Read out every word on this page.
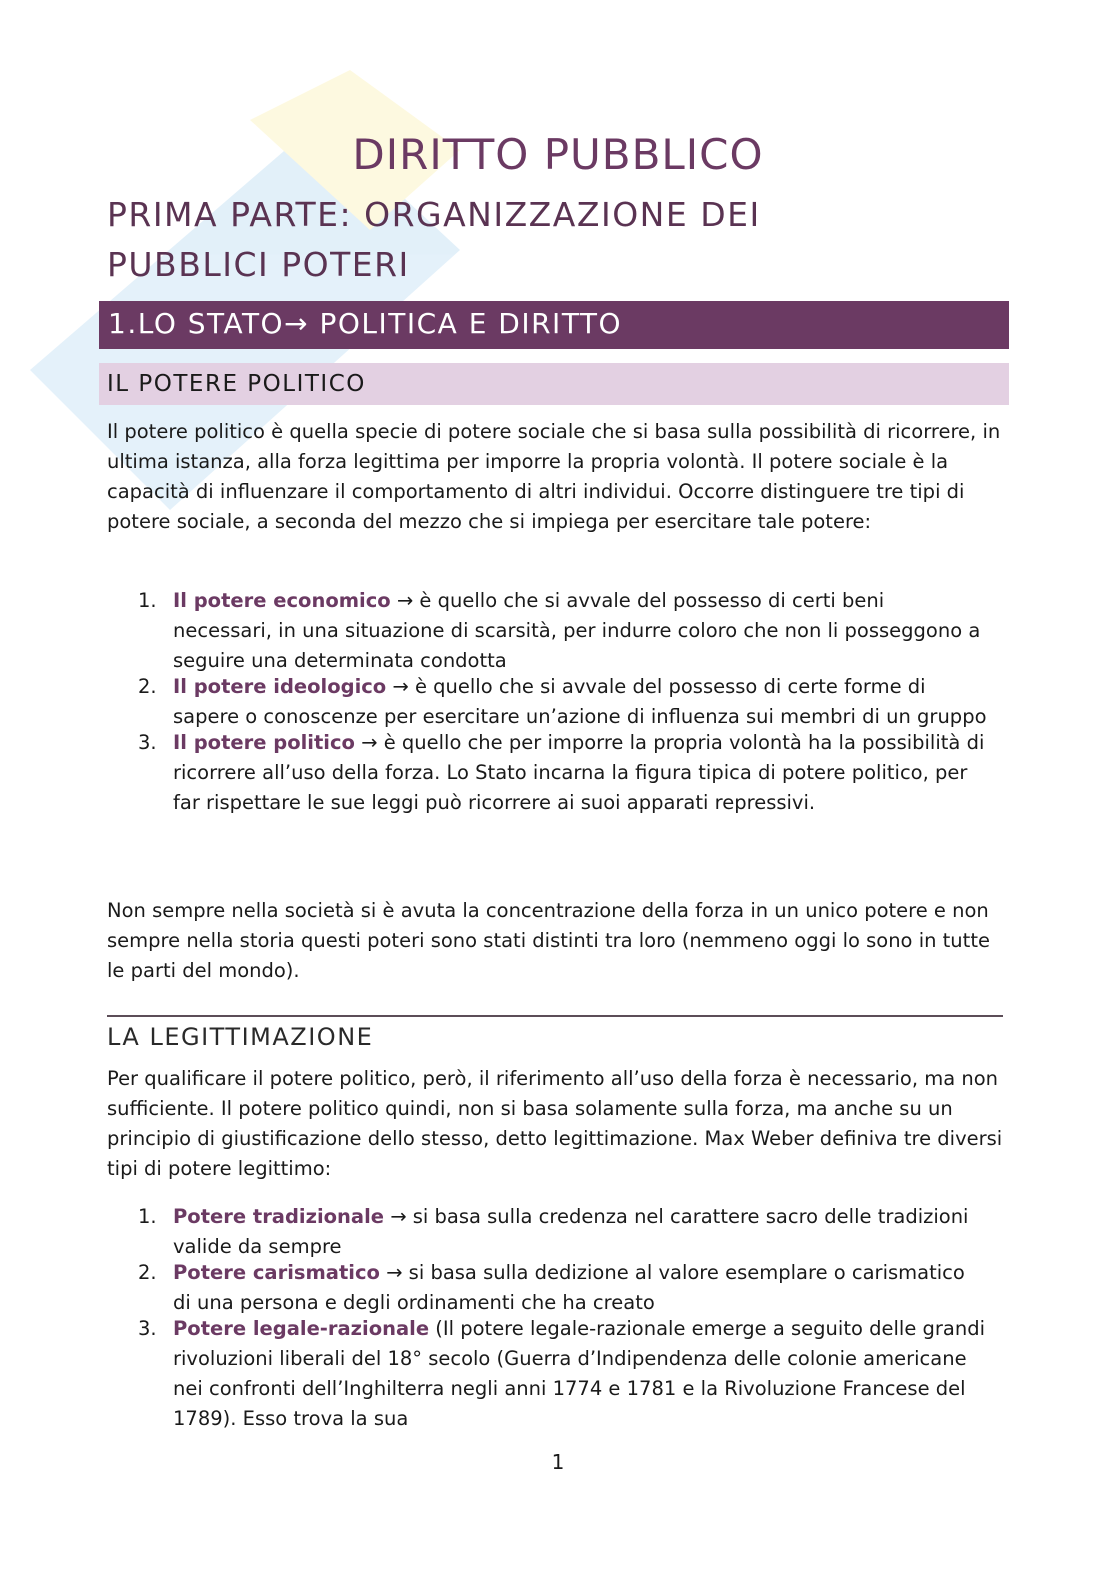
DIRITTO PUBBLICO
PRIMA PARTE: ORGANIZZAZIONE DEI
PUBBLICI POTERI
1.LO STATO→ POLITICA E DIRITTO
IL POTERE POLITICO

Il potere politico è quella specie di potere sociale che si basa sulla possibilità di ricorrere, in ultima istanza, alla forza legittima per imporre la propria volontà. Il potere sociale è la capacità di influenzare il comportamento di altri individui. Occorre distinguere tre tipi di potere sociale, a seconda del mezzo che si impiega per esercitare tale potere:

1. Il potere economico → è quello che si avvale del possesso di certi beni necessari, in una situazione di scarsità, per indurre coloro che non li posseggono a seguire una determinata condotta
2. Il potere ideologico → è quello che si avvale del possesso di certe forme di sapere o conoscenze per esercitare un’azione di influenza sui membri di un gruppo
3. Il potere politico → è quello che per imporre la propria volontà ha la possibilità di ricorrere all’uso della forza. Lo Stato incarna la figura tipica di potere politico, per far rispettare le sue leggi può ricorrere ai suoi apparati repressivi.

Non sempre nella società si è avuta la concentrazione della forza in un unico potere e non sempre nella storia questi poteri sono stati distinti tra loro (nemmeno oggi lo sono in tutte le parti del mondo).

LA LEGITTIMAZIONE

Per qualificare il potere politico, però, il riferimento all’uso della forza è necessario, ma non sufficiente. Il potere politico quindi, non si basa solamente sulla forza, ma anche su un principio di giustificazione dello stesso, detto legittimazione. Max Weber definiva tre diversi tipi di potere legittimo:

1. Potere tradizionale → si basa sulla credenza nel carattere sacro delle tradizioni valide da sempre
2. Potere carismatico → si basa sulla dedizione al valore esemplare o carismatico di una persona e degli ordinamenti che ha creato
3. Potere legale-razionale (Il potere legale-razionale emerge a seguito delle grandi rivoluzioni liberali del 18° secolo (Guerra d’Indipendenza delle colonie americane nei confronti dell’Inghilterra negli anni 1774 e 1781 e la Rivoluzione Francese del 1789). Esso trova la sua
1
